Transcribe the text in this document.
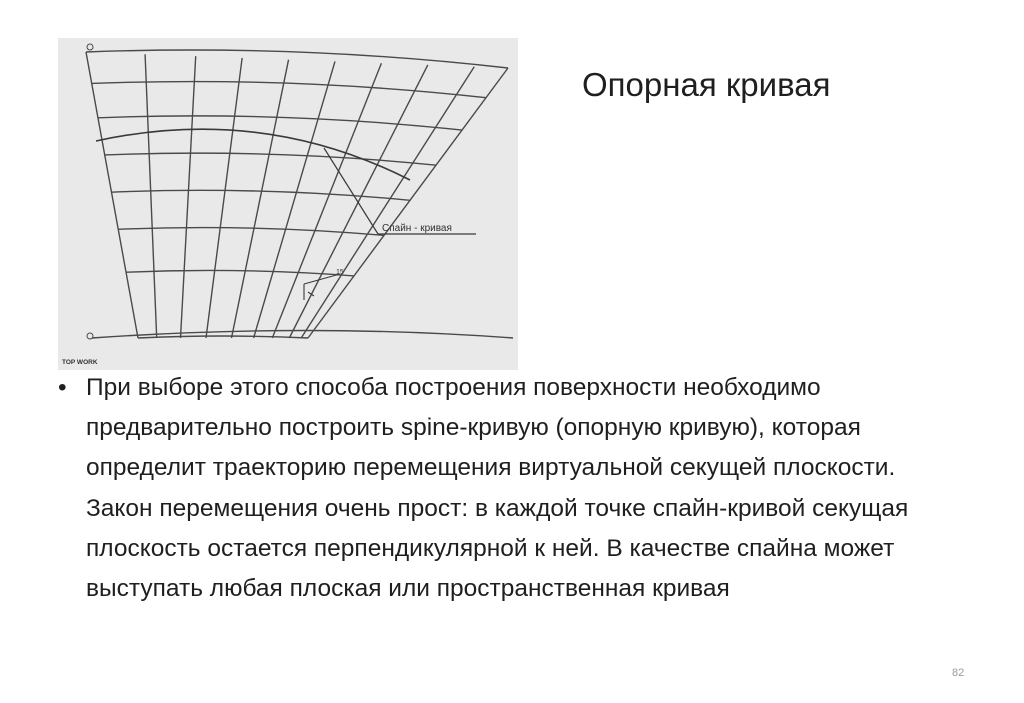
Спайн - кривая
15
TOP WORK
Опорная кривая
• При выборе этого способа построения поверхности необходимо предварительно построить spine-кривую (опорную кривую), которая определит траекторию перемещения виртуальной секущей плоскости. Закон перемещения очень прост: в каждой точке спайн-кривой секущая плоскость остается перпендикулярной к ней. В качестве спайна может выступать любая плоская или пространственная кривая
82
